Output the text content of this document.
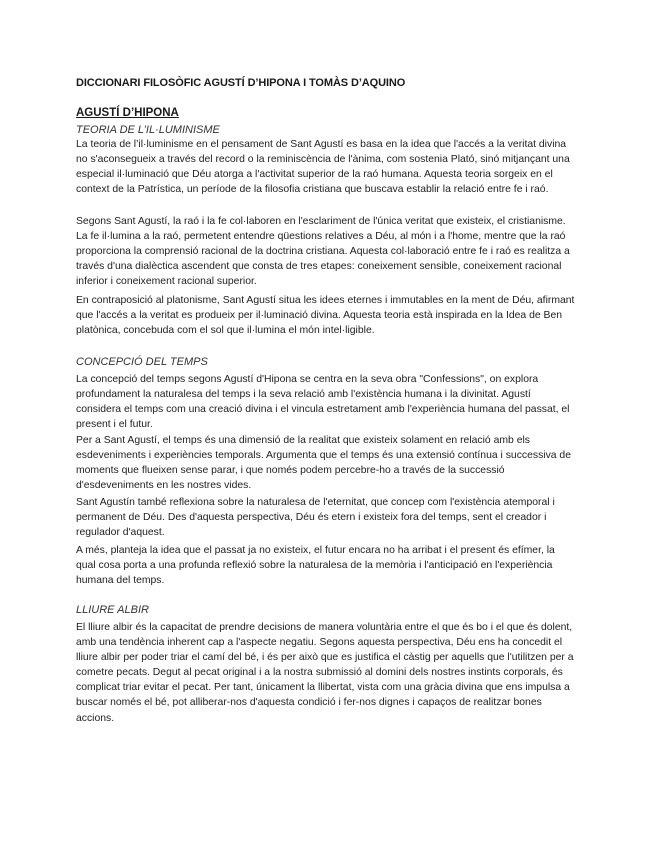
DICCIONARI FILOSÒFIC AGUSTÍ D’HIPONA I TOMÀS D’AQUINO
AGUSTÍ D’HIPONA
TEORIA DE L’IL·LUMINISME
La teoria de l’il·luminisme en el pensament de Sant Agustí es basa en la idea que l'accés a la veritat divina no s'aconsegueix a través del record o la reminiscència de l'ànima, com sostenia Plató, sinó mitjançant una especial il·luminació que Déu atorga a l'activitat superior de la raó humana. Aquesta teoria sorgeix en el context de la Patrística, un període de la filosofia cristiana que buscava establir la relació entre fe i raó.
Segons Sant Agustí, la raó i la fe col·laboren en l'esclariment de l'única veritat que existeix, el cristianisme. La fe il·lumina a la raó, permetent entendre qüestions relatives a Déu, al món i a l'home, mentre que la raó proporciona la comprensió racional de la doctrina cristiana. Aquesta col·laboració entre fe i raó es realitza a través d'una dialèctica ascendent que consta de tres etapes: coneixement sensible, coneixement racional inferior i coneixement racional superior.
En contraposició al platonisme, Sant Agustí situa les idees eternes i immutables en la ment de Déu, afirmant que l'accés a la veritat es produeix per il·luminació divina. Aquesta teoria està inspirada en la Idea de Ben platònica, concebuda com el sol que il·lumina el món intel·ligible.
CONCEPCIÓ DEL TEMPS
La concepció del temps segons Agustí d'Hipona se centra en la seva obra "Confessions", on explora profundament la naturalesa del temps i la seva relació amb l'existència humana i la divinitat. Agustí considera el temps com una creació divina i el vincula estretament amb l'experiència humana del passat, el present i el futur.
Per a Sant Agustí, el temps és una dimensió de la realitat que existeix solament en relació amb els esdeveniments i experiències temporals. Argumenta que el temps és una extensió contínua i successiva de moments que flueixen sense parar, i que només podem percebre-ho a través de la successió d'esdeveniments en les nostres vides.
Sant Agustín també reflexiona sobre la naturalesa de l'eternitat, que concep com l'existència atemporal i permanent de Déu. Des d'aquesta perspectiva, Déu és etern i existeix fora del temps, sent el creador i regulador d'aquest.
A més, planteja la idea que el passat ja no existeix, el futur encara no ha arribat i el present és efímer, la qual cosa porta a una profunda reflexió sobre la naturalesa de la memòria i l'anticipació en l'experiència humana del temps.
LLIURE ALBIR
El lliure albir és la capacitat de prendre decisions de manera voluntària entre el que és bo i el que és dolent, amb una tendència inherent cap a l'aspecte negatiu. Segons aquesta perspectiva, Déu ens ha concedit el lliure albir per poder triar el camí del bé, i és per això que es justifica el càstig per aquells que l'utilitzen per a cometre pecats. Degut al pecat original i a la nostra submissió al domini dels nostres instints corporals, és complicat triar evitar el pecat. Per tant, únicament la llibertat, vista com una gràcia divina que ens impulsa a buscar només el bé, pot alliberar-nos d'aquesta condició i fer-nos dignes i capaços de realitzar bones accions.
